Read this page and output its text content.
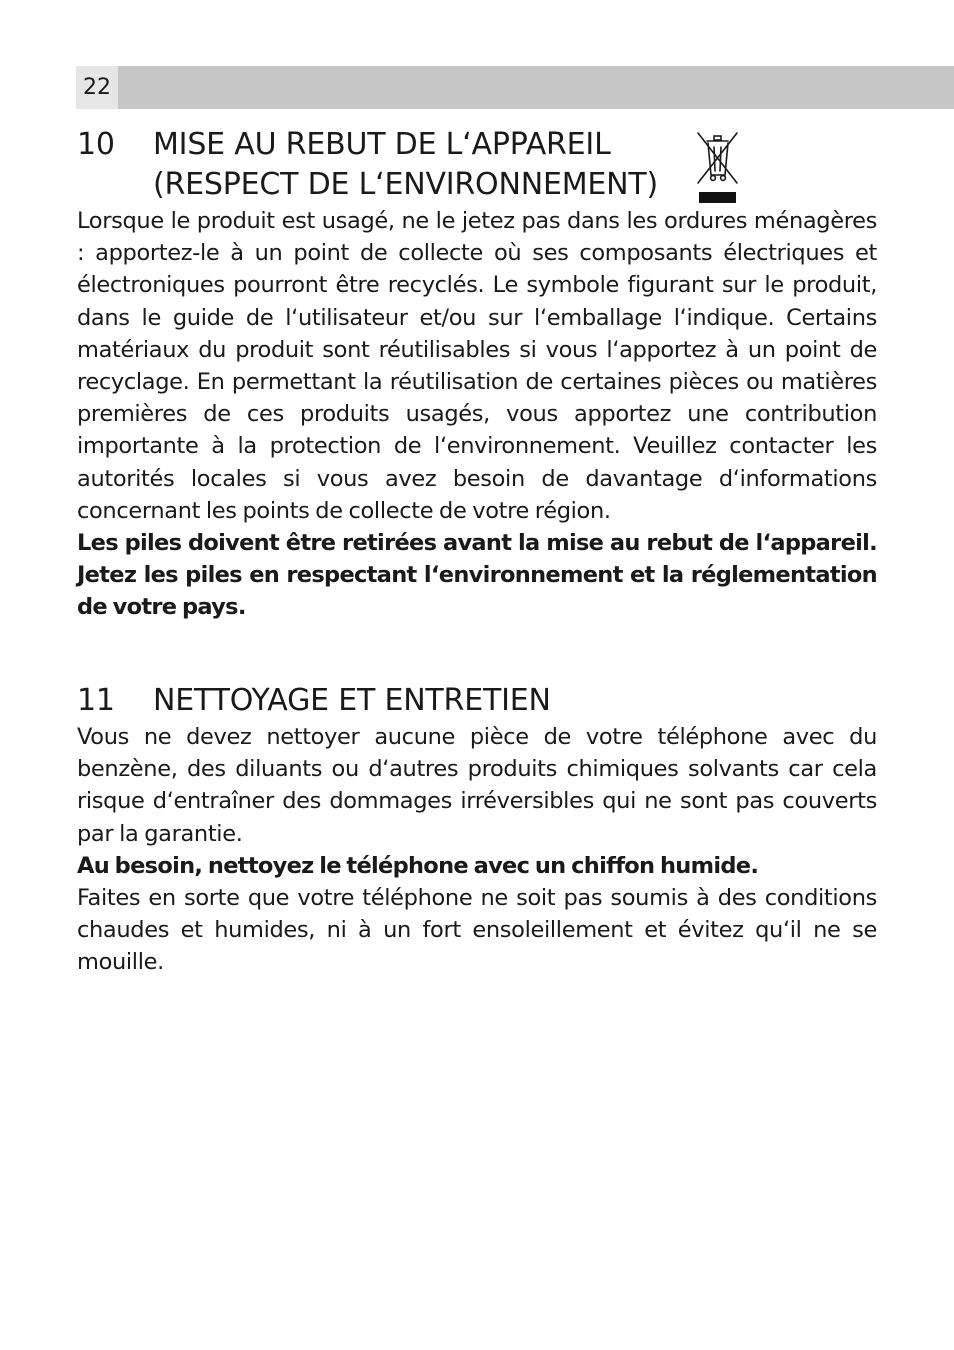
22
10	MISE AU REBUT DE L‘APPAREIL
(RESPECT DE L‘ENVIRONNEMENT)

Lorsque le produit est usagé, ne le jetez pas dans les ordures ménagères : apportez-le à un point de collecte où ses composants électriques et électroniques pourront être recyclés. Le symbole figurant sur le produit, dans le guide de l‘utilisateur et/ou sur l‘emballage l‘indique. Certains matériaux du produit sont réutilisables si vous l‘apportez à un point de recyclage. En permettant la réutilisation de certaines pièces ou matières premières de ces produits usagés, vous apportez une contribution importante à la protection de l‘environnement. Veuillez contacter les autorités locales si vous avez besoin de davantage d‘informations concernant les points de collecte de votre région.

Les piles doivent être retirées avant la mise au rebut de l‘appareil. Jetez les piles en respectant l‘environnement et la réglementation de votre pays.

11	NETTOYAGE ET ENTRETIEN

Vous ne devez nettoyer aucune pièce de votre téléphone avec du benzène, des diluants ou d‘autres produits chimiques solvants car cela risque d‘entraîner des dommages irréversibles qui ne sont pas couverts par la garantie.

Au besoin, nettoyez le téléphone avec un chiffon humide.

Faites en sorte que votre téléphone ne soit pas soumis à des conditions chaudes et humides, ni à un fort ensoleillement et évitez qu‘il ne se mouille.
